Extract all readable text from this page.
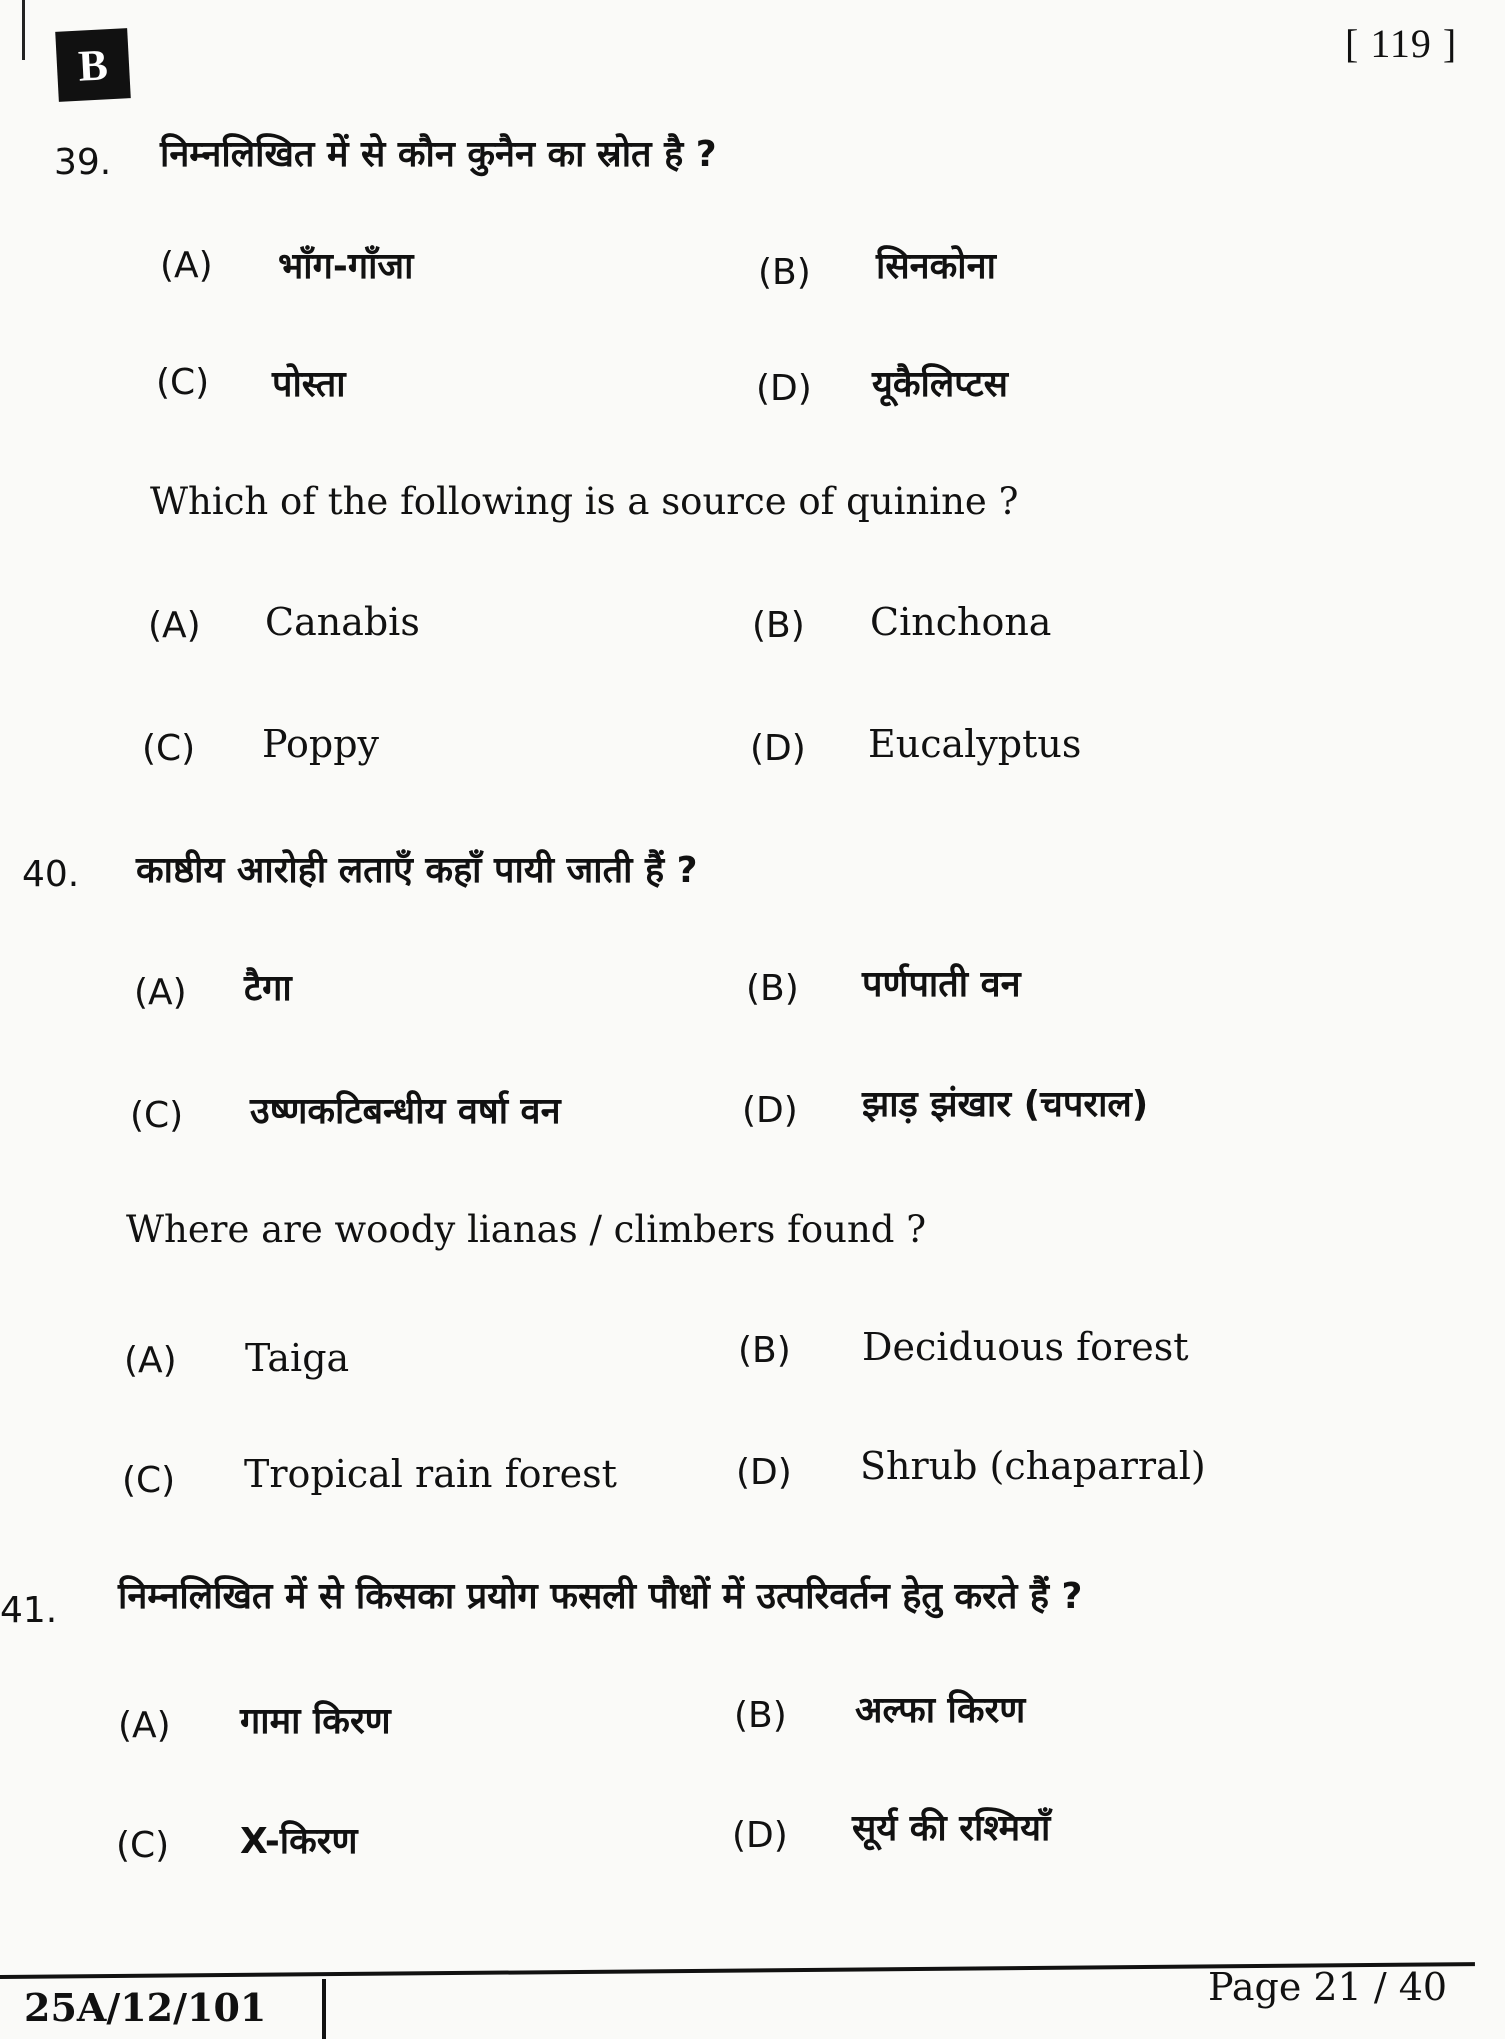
B	[ 119 ]
39. निम्नलिखित में से कौन कुनैन का स्रोत है ?
(A) भाँग-गाँजा	(B) सिनकोना
(C) पोस्ता	(D) यूकैलिप्टस
Which of the following is a source of quinine ?
(A) Canabis	(B) Cinchona
(C) Poppy	(D) Eucalyptus
40. काष्ठीय आरोही लताएँ कहाँ पायी जाती हैं ?
(A) टैगा	(B) पर्णपाती वन
(C) उष्णकटिबन्धीय वर्षा वन	(D) झाड़ झंखार (चपराल)
Where are woody lianas / climbers found ?
(A) Taiga	(B) Deciduous forest
(C) Tropical rain forest	(D) Shrub (chaparral)
41. निम्नलिखित में से किसका प्रयोग फसली पौधों में उत्परिवर्तन हेतु करते हैं ?
(A) गामा किरण	(B) अल्फा किरण
(C) X-किरण	(D) सूर्य की रश्मियाँ
25A/12/101	Page 21 / 40
